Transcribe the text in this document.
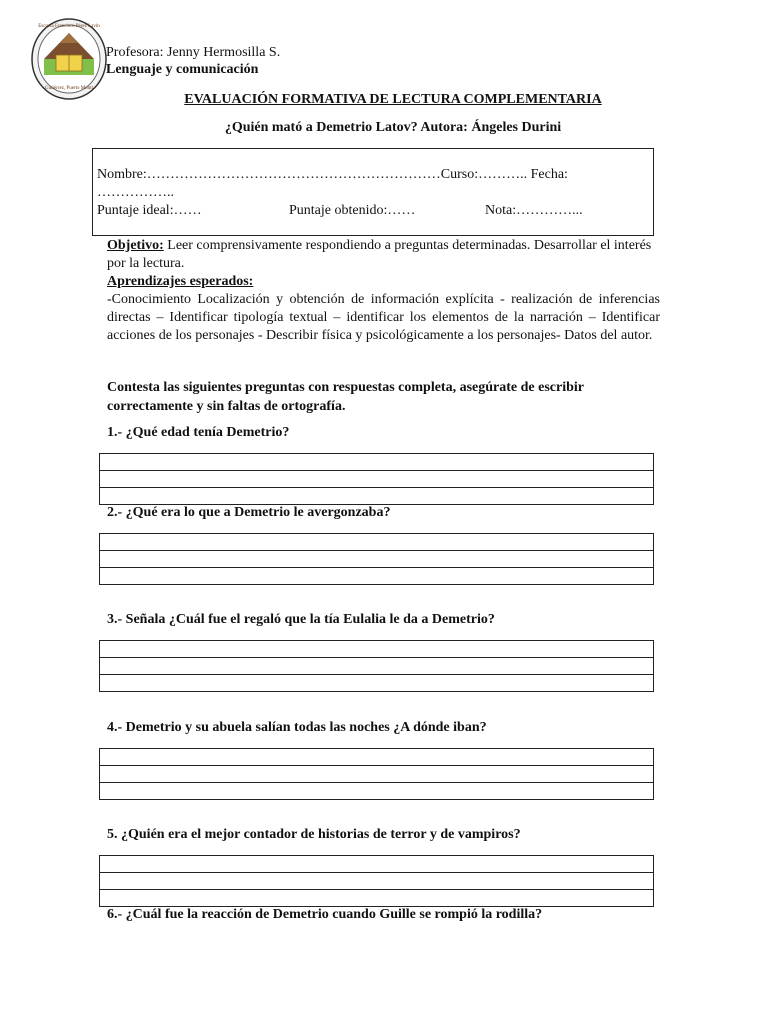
Escuela Francisco Pérez Lavin
Gutiérrez, Puerto Montt
Profesora: Jenny Hermosilla S.
Lenguaje y comunicación
EVALUACIÓN FORMATIVA DE LECTURA COMPLEMENTARIA
¿Quién mató a Demetrio Latov? Autora: Ángeles Durini
Nombre:………………………………………………………Curso:……….. Fecha:
……………..
Puntaje ideal:……	Puntaje obtenido:……	Nota:…………...
Objetivo: Leer comprensivamente respondiendo a preguntas determinadas. Desarrollar el interés por la lectura.
Aprendizajes esperados:
-Conocimiento Localización y obtención de información explícita - realización de inferencias directas – Identificar tipología textual – identificar los elementos de la narración – Identificar acciones de los personajes - Describir física y psicológicamente a los personajes- Datos del autor.
Contesta las siguientes preguntas con respuestas completa, asegúrate de escribir correctamente y sin faltas de ortografía.
1.- ¿Qué edad tenía Demetrio?
2.- ¿Qué era lo que a Demetrio le avergonzaba?
3.- Señala ¿Cuál fue el regaló que la tía Eulalia le da a Demetrio?
4.- Demetrio y su abuela salían todas las noches ¿A dónde iban?
5. ¿Quién era el mejor contador de historias de terror y de vampiros?
6.- ¿Cuál fue la reacción de Demetrio cuando Guille se rompió la rodilla?
